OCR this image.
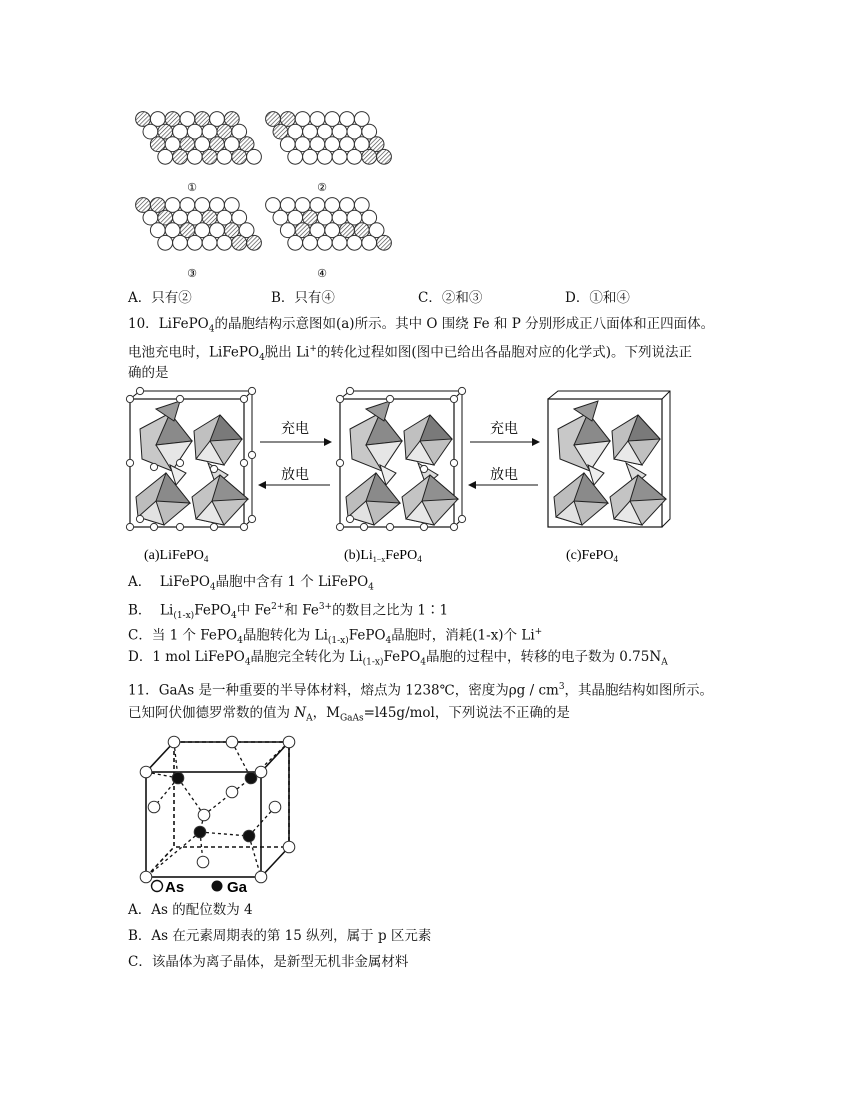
①	②
③	④
A．只有②	B．只有④	C．②和③	D．①和④
10．LiFePO$_4$的晶胞结构示意图如(a)所示。其中 O 围绕 Fe 和 P 分别形成正八面体和正四面体。
电池充电时，LiFePO$_4$脱出 Li+的转化过程如图(图中已给出各晶胞对应的化学式)。下列说法正
确的是
充电
放电
充电
放电
(a)LiFePO$_4$	$(b)Li_{1-x}FePO_4$	(c)FePO$_4$
A． LiFePO$_4$晶胞中含有 1 个 LiFePO$_4$
B． $Li_{(1-x)}FePO_4$中 $Fe^{2+}$和 $Fe^{3+}$的数目之比为 1∶1
C．当 1 个 FePO$_4$晶胞转化为 $Li_{(1-x)}FePO_4$晶胞时，消耗(1-x)个 Li+
D．1 mol LiFePO$_4$晶胞完全转化为 $Li_{(1-x)}FePO_4$晶胞的过程中，转移的电子数为 $0.75N_A$
11．GaAs 是一种重要的半导体材料，熔点为 1238℃，密度为ρg / $cm^3$，其晶胞结构如图所示。
已知阿伏伽德罗常数的值为 $N_A$，$M_{GaAs}=l45g$/mol，下列说法不正确的是
As	Ga
A．As 的配位数为 4
B．As 在元素周期表的第 15 纵列，属于 p 区元素
C．该晶体为离子晶体，是新型无机非金属材料
